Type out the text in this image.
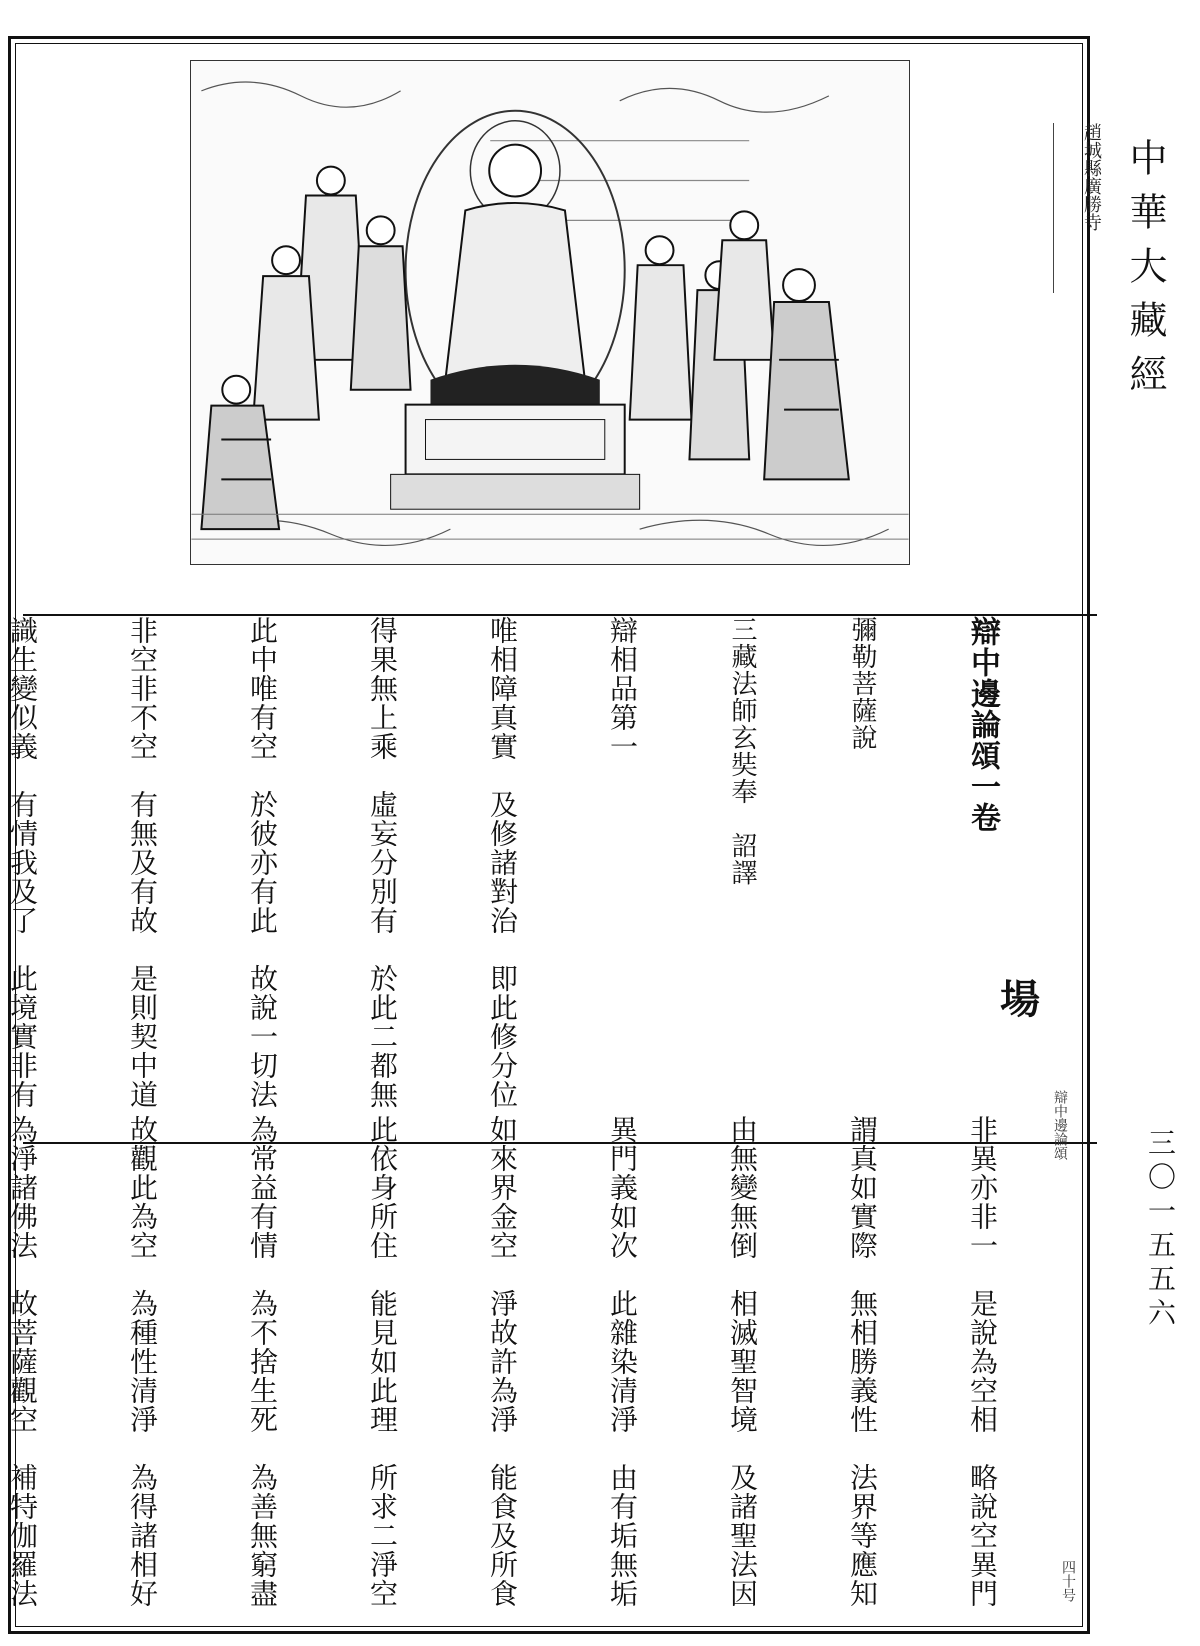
趙城縣廣勝寺 中華大藏經
三〇一五五六
場
辯中邊論頌
四十号

辯中邊論頌一卷

彌勒菩薩說

三藏法師玄奘奉　詔譯

辯相品第一

唯相障真實　及修諸對治　即此修分位

得果無上乘　虛妄分別有　於此二都無

此中唯有空　於彼亦有此　故說一切法

非空非不空　有無及有故　是則契中道

識生變似義　有情我及了　此境實非有

非異亦非一　是說為空相　略說空異門

謂真如實際　無相勝義性　法界等應知

由無變無倒　相滅聖智境　及諸聖法因

異門義如次　此雜染清淨　由有垢無垢

如來界金空　淨故許為淨　能食及所食

此依身所住　能見如此理　所求二淨空

為常益有情　為不捨生死　為善無窮盡

故觀此為空　為種性清淨　為得諸相好

為淨諸佛法　故菩薩觀空　補特伽羅法
